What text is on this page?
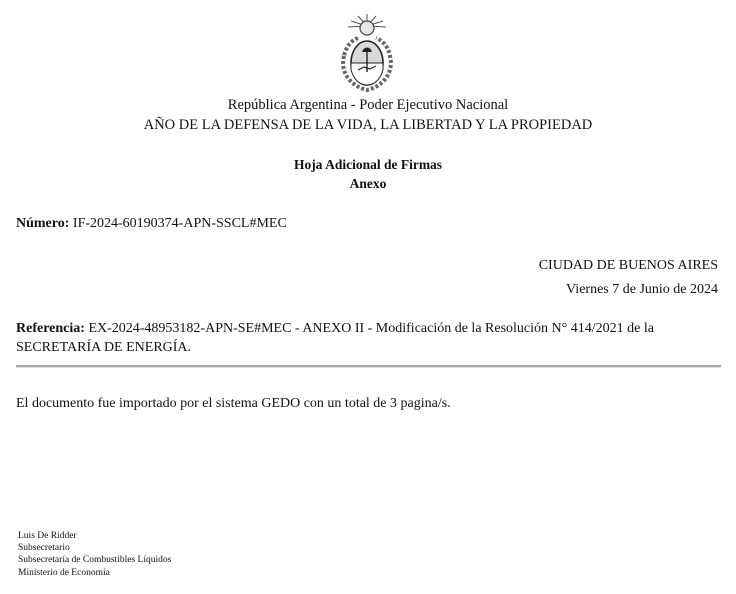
República Argentina - Poder Ejecutivo Nacional
AÑO DE LA DEFENSA DE LA VIDA, LA LIBERTAD Y LA PROPIEDAD
Hoja Adicional de Firmas
Anexo
Número: IF-2024-60190374-APN-SSCL#MEC
CIUDAD DE BUENOS AIRES
Viernes 7 de Junio de 2024
Referencia: EX-2024-48953182-APN-SE#MEC - ANEXO II - Modificación de la Resolución N° 414/2021 de la SECRETARÍA DE ENERGÍA.
El documento fue importado por el sistema GEDO con un total de 3 pagina/s.
Luis De Ridder
Subsecretario
Subsecretaría de Combustibles Líquidos
Ministerio de Economía
